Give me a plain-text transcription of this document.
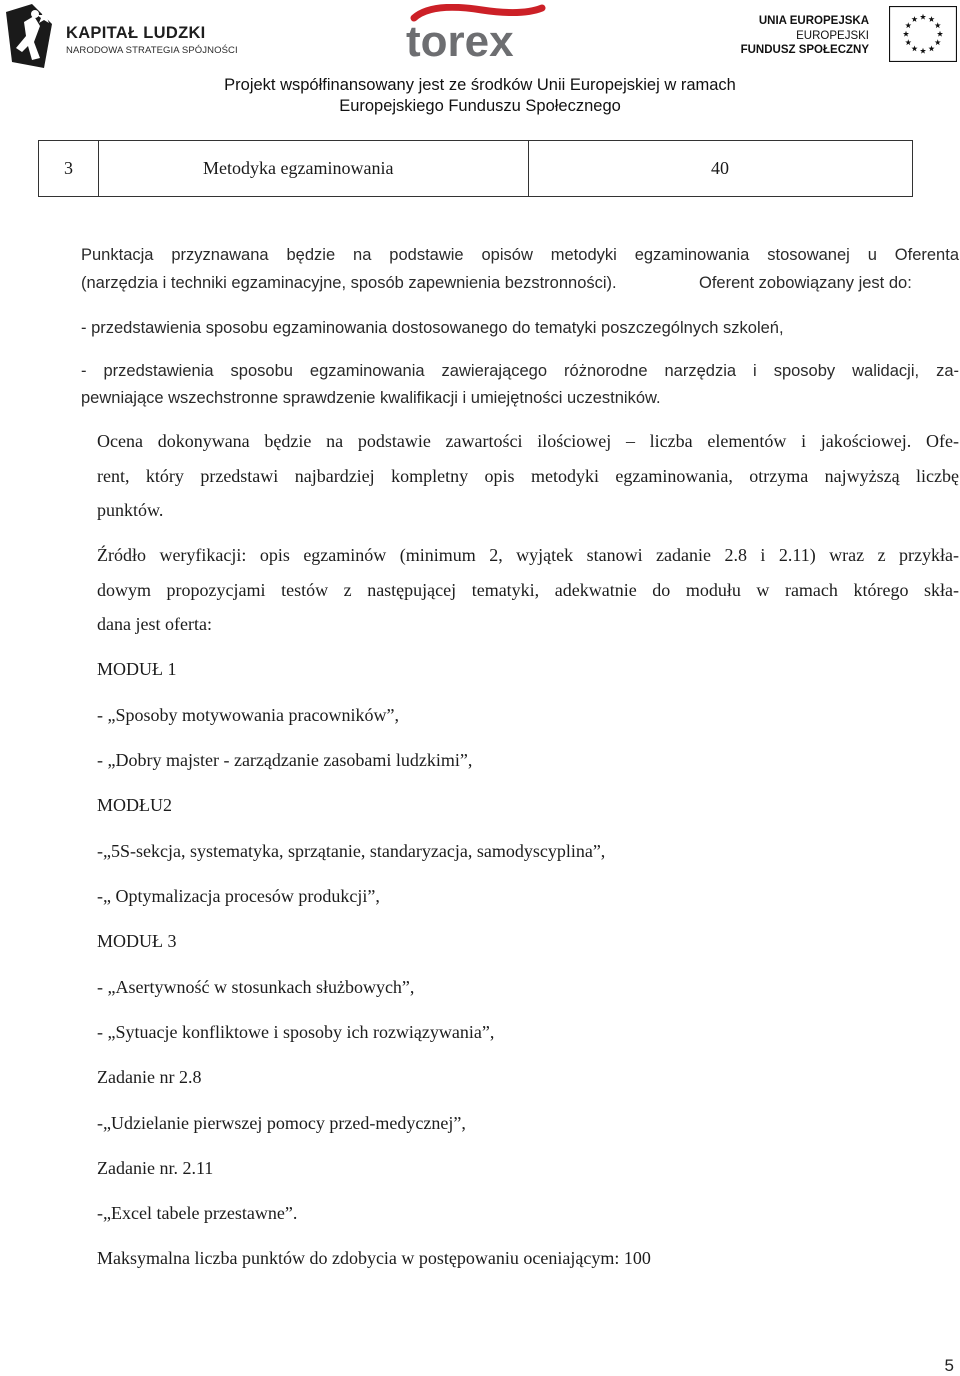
KAPITAŁ LUDZKI
NARODOWA STRATEGIA SPÓJNOŚCI	torex	UNIA EUROPEJSKA
EUROPEJSKI
FUNDUSZ SPOŁECZNY
Projekt współfinansowany jest ze środków Unii Europejskiej w ramach
Europejskiego Funduszu Społecznego
3	Metodyka egzaminowania	40
Punktacja przyznawana będzie na podstawie opisów metodyki egzaminowania stosowanej u Oferenta
(narzędzia i techniki egzaminacyjne, sposób zapewnienia bezstronności).	Oferent zobowiązany jest do:
- przedstawienia sposobu egzaminowania dostosowanego do tematyki poszczególnych szkoleń,
- przedstawienia sposobu egzaminowania zawierającego różnorodne narzędzia i sposoby walidacji, za-
pewniające wszechstronne sprawdzenie kwalifikacji i umiejętności uczestników.
Ocena dokonywana będzie na podstawie zawartości ilościowej – liczba elementów i jakościowej. Ofe-
rent, który przedstawi najbardziej kompletny opis metodyki egzaminowania, otrzyma najwyższą liczbę
punktów.
Źródło weryfikacji: opis egzaminów (minimum 2, wyjątek stanowi zadanie 2.8 i 2.11) wraz z przykła-
dowym propozycjami testów z następującej tematyki, adekwatnie do modułu w ramach którego skła-
dana jest oferta:
MODUŁ 1
- „Sposoby motywowania pracowników”,
- „Dobry majster - zarządzanie zasobami ludzkimi”,
MODŁU2
-„5S-sekcja, systematyka, sprzątanie, standaryzacja, samodyscyplina”,
-„ Optymalizacja procesów produkcji”,
MODUŁ 3
- „Asertywność w stosunkach służbowych”,
- „Sytuacje konfliktowe i sposoby ich rozwiązywania”,
Zadanie nr 2.8
-„Udzielanie pierwszej pomocy przed-medycznej”,
Zadanie nr. 2.11
-„Excel tabele przestawne”.
Maksymalna liczba punktów do zdobycia w postępowaniu oceniającym: 100
5
